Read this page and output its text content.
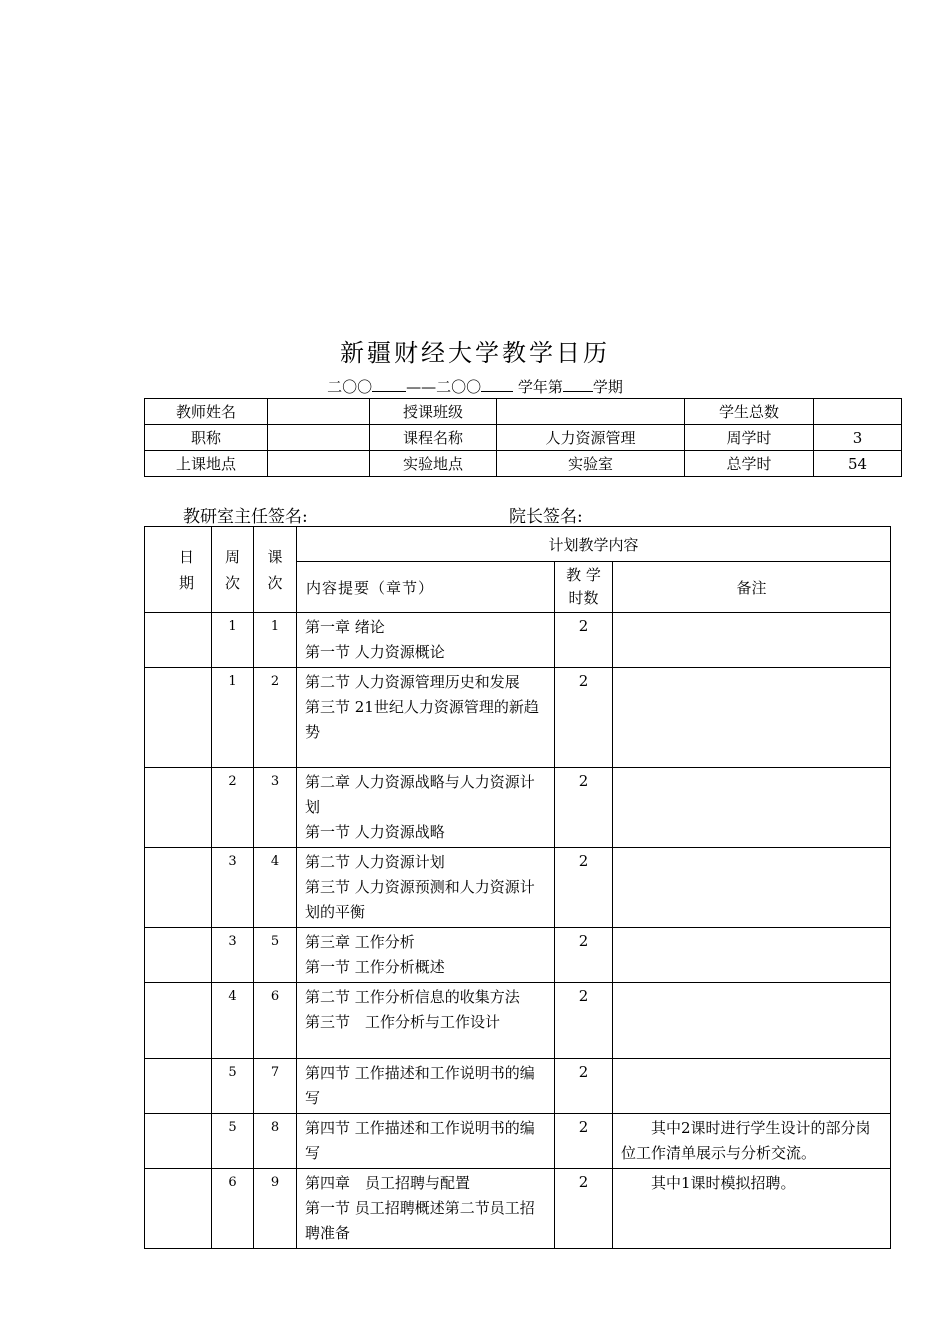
新疆财经大学教学日历
二〇〇 ——二〇〇 学年第 学期
教师姓名		授课班级		学生总数	
职称		课程名称	人力资源管理	周学时	3
上课地点		实验地点	实验室	总学时	54
教研室主任签名:	院长签名:
日期	周次	课次	计划教学内容		
			内容提要（章节）	教 学 时数	备注
	1	1	第一章 绪论
第一节 人力资源概论	2	
	1	2	第二节 人力资源管理历史和发展
第三节 21世纪人力资源管理的新趋势	2	
	2	3	第二章 人力资源战略与人力资源计划
第一节 人力资源战略	2	
	3	4	第二节 人力资源计划
第三节 人力资源预测和人力资源计划的平衡	2	
	3	5	第三章 工作分析
第一节 工作分析概述	2	
	4	6	第二节 工作分析信息的收集方法
第三节　工作分析与工作设计	2	
	5	7	第四节 工作描述和工作说明书的编写	2	
	5	8	第四节 工作描述和工作说明书的编写	2	其中2课时进行学生设计的部分岗位工作清单展示与分析交流。
	6	9	第四章　员工招聘与配置
第一节 员工招聘概述第二节员工招聘准备	2	其中1课时模拟招聘。
